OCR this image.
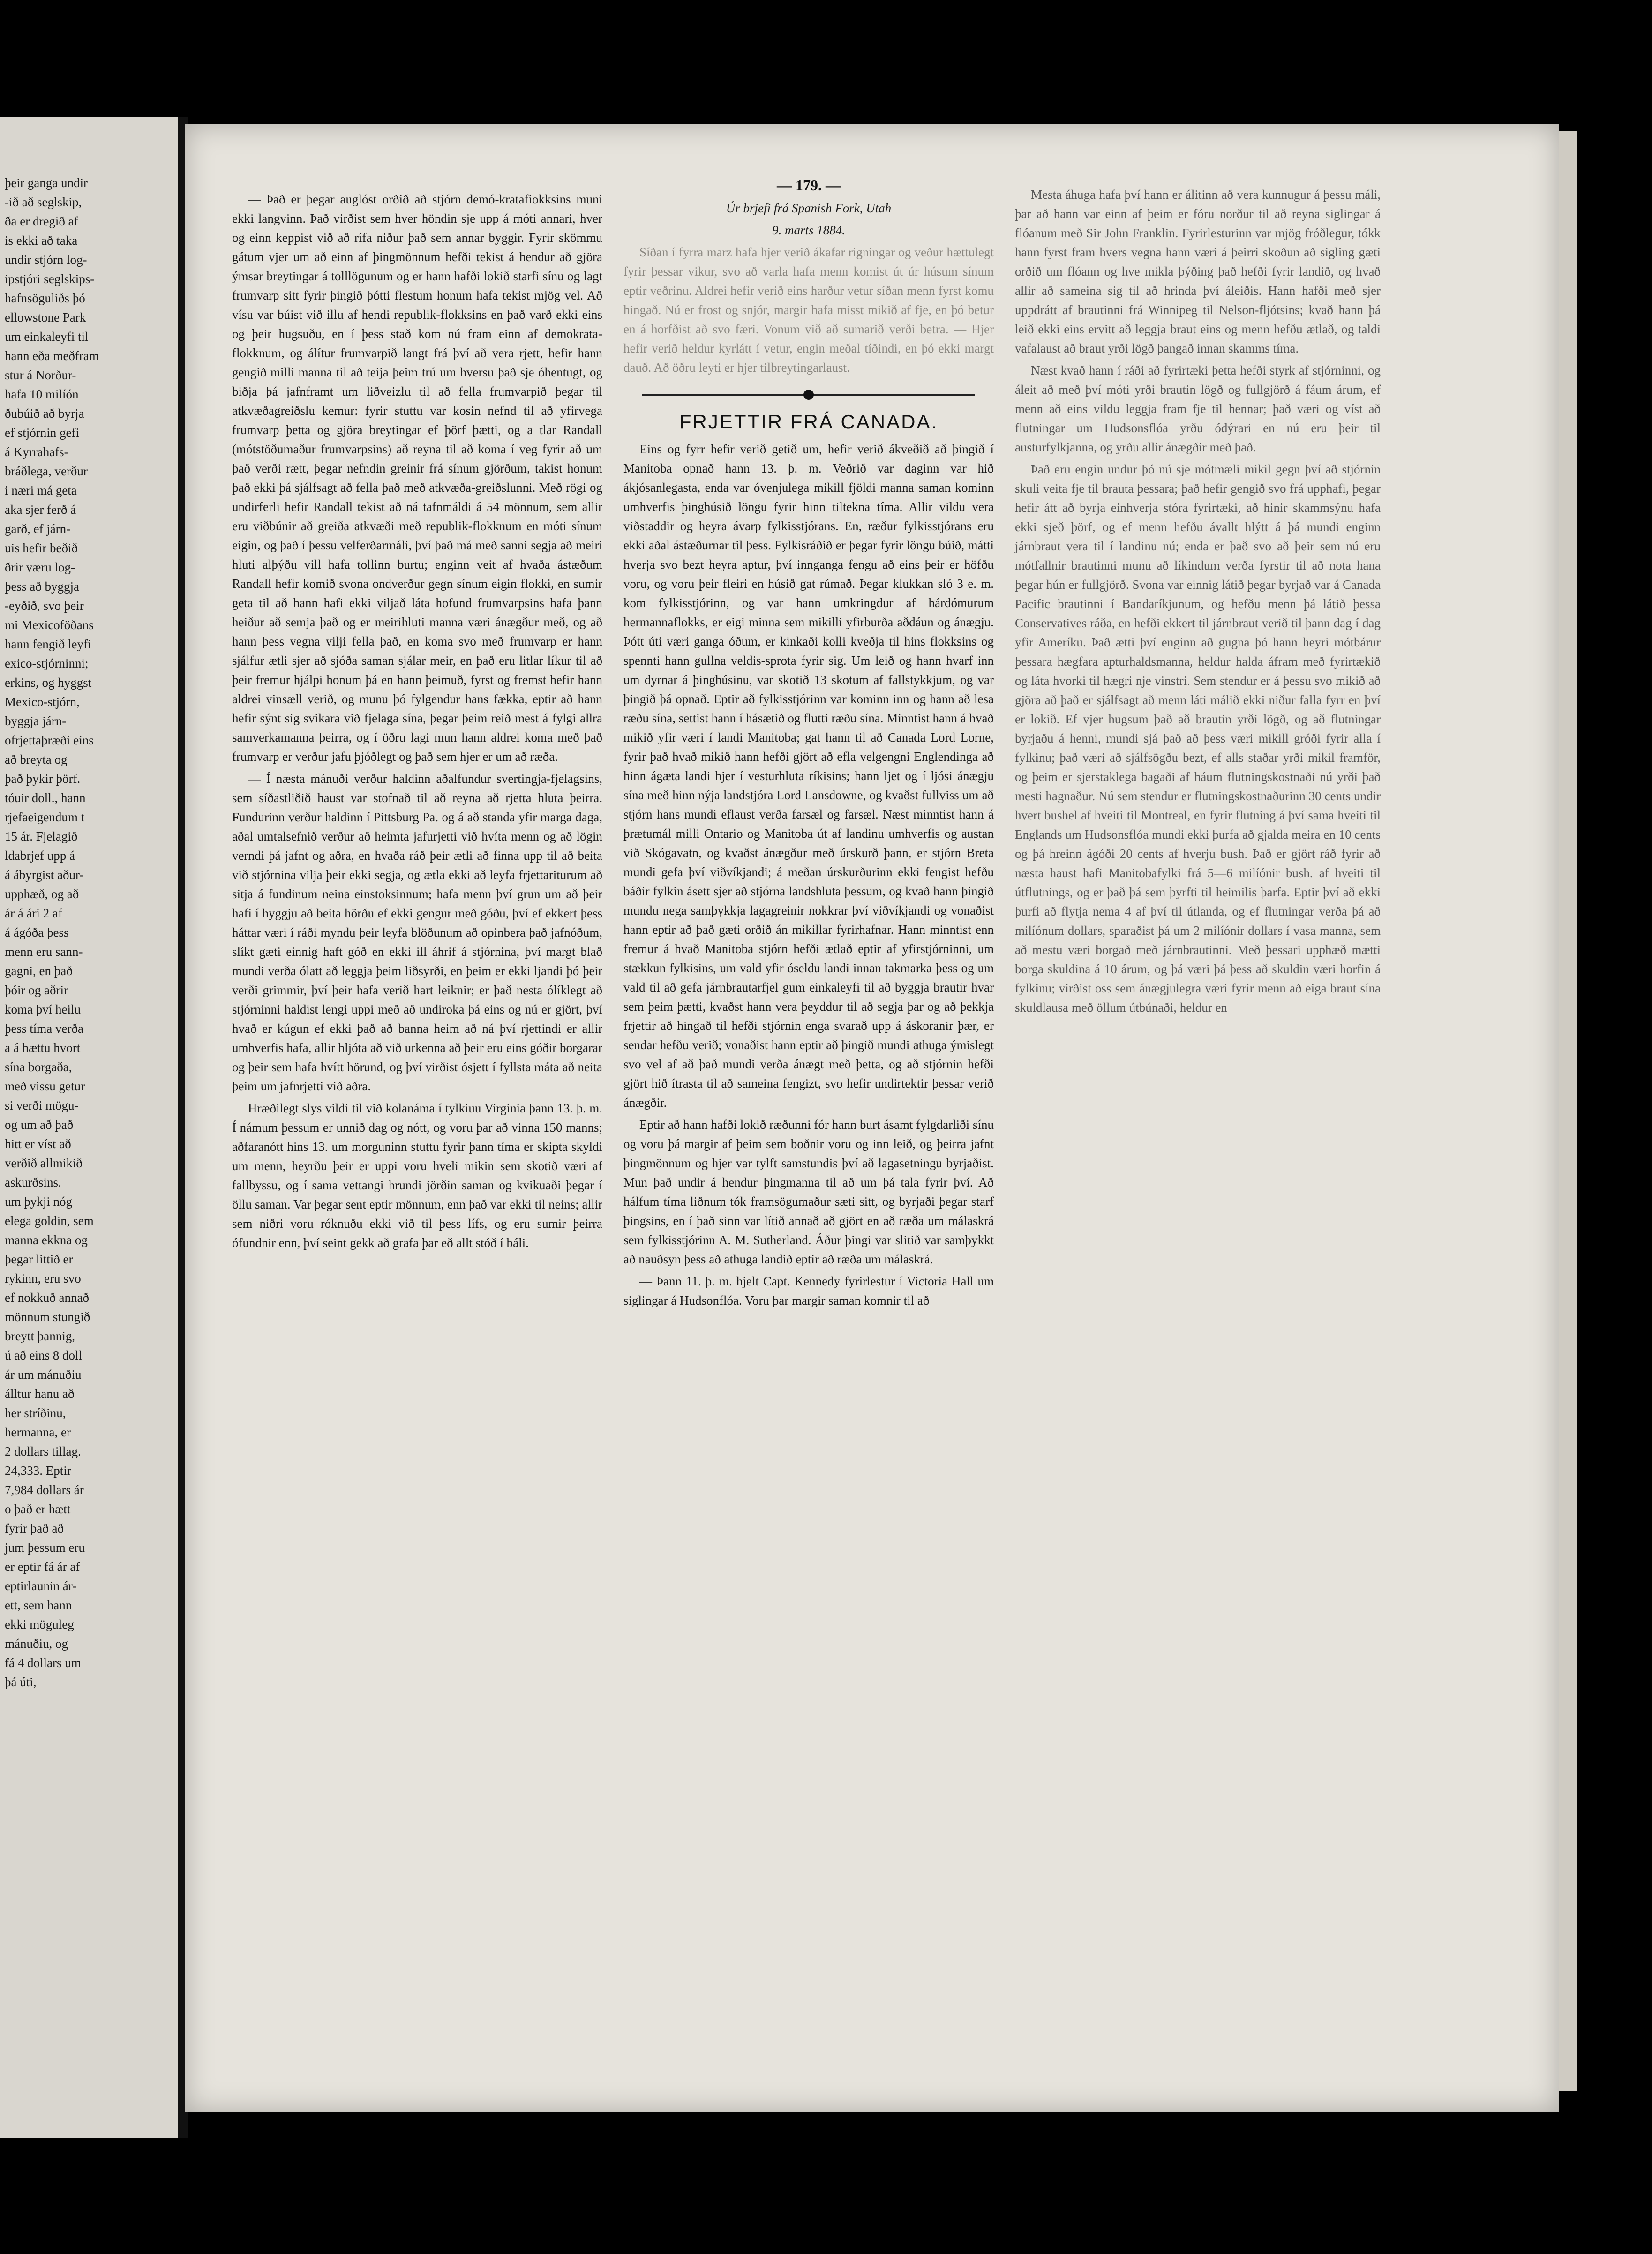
þeir ganga undir
-ið að seglskip,
ða er dregið af
is ekki að taka
undir stjórn log-
ipstjóri seglskips-
hafnsöguliðs þó
ellowstone Park
um einkaleyfi til
hann eða meðfram
stur á Norður-
hafa 10 milíón
ðubúið að byrja
ef stjórnin gefi
á Kyrrahafs-
bráðlega, verður
i næri má geta
aka sjer ferð á
garð, ef járn-
uis hefir beðið
ðrir væru log-
þess að byggja
-eyðið, svo þeir
mi Mexicoföðans
hann fengið leyfi
exico-stjórninni;
erkins, og hyggst
Mexico-stjórn,
byggja járn-
ofrjettaþræði eins
að breyta og
það þykir þörf.
tóuir doll., hann
rjefaeigendum t
15 ár. Fjelagið
ldabrjef upp á
á ábyrgist aður-
upphæð, og að
ár á ári 2 af
á ágóða þess
menn eru sann-
gagni, en það
þóir og aðrir
koma því heilu
þess tíma verða
a á hættu hvort
sína borgaða,
með vissu getur
si verði mögu-
og um að það
hitt er víst að
verðið allmikið
askurðsins.
um þykji nóg
elega goldin, sem
manna ekkna og
þegar littið er
rykinn, eru svo
ef nokkuð annað
mönnum stungið
breytt þannig,
ú að eins 8 doll
ár um mánuðiu
álltur hanu að
her stríðinu,
hermanna, er
2 dollars tillag.
24,333. Eptir
7,984 dollars ár
o það er hætt
fyrir það að
jum þessum eru
er eptir fá ár af
eptirlaunin ár-
ett, sem hann
ekki möguleg
mánuðiu, og
fá 4 dollars um
þá úti,

— Það er þegar auglóst orðið að stjórn demó-kratafiokksins muni ekki langvinn. Það virðist sem hver höndin sje upp á móti annari, hver og einn keppist við að rífa niður það sem annar byggir. Fyrir skömmu gátum vjer um að einn af þingmönnum hefði tekist á hendur að gjöra ýmsar breytingar á tolllögunum og er hann hafði lokið starfi sínu og lagt frumvarp sitt fyrir þingið þótti flestum honum hafa tekist mjög vel. Að vísu var búist við illu af hendi republik-flokksins en það varð ekki eins og þeir hugsuðu, en í þess stað kom nú fram einn af demokrata-flokknum, og álítur frumvarpið langt frá því að vera rjett, hefir hann gengið milli manna til að teija þeim trú um hversu það sje óhentugt, og biðja þá jafnframt um liðveizlu til að fella frumvarpið þegar til atkvæðagreiðslu kemur: fyrir stuttu var kosin nefnd til að yfirvega frumvarp þetta og gjöra breytingar ef þörf þætti, og a tlar Randall (mótstöðumaður frumvarpsins) að reyna til að koma í veg fyrir að um það verði rætt, þegar nefndin greinir frá sínum gjörðum, takist honum það ekki þá sjálfsagt að fella það með atkvæða-greiðslunni. Með rögi og undirferli hefir Randall tekist að ná tafnmáldi á 54 mönnum, sem allir eru viðbúnir að greiða atkvæði með republik-flokknum en móti sínum eigin, og það í þessu velferðarmáli, því það má með sanni segja að meiri hluti alþýðu vill hafa tollinn burtu; enginn veit af hvaða ástæðum Randall hefir komið svona ondverður gegn sínum eigin flokki, en sumir geta til að hann hafi ekki viljað láta hofund frumvarpsins hafa þann heiður að semja það og er meirihluti manna væri ánægður með, og að hann þess vegna vilji fella það, en koma svo með frumvarp er hann sjálfur ætli sjer að sjóða saman sjálar meir, en það eru litlar líkur til að þeir fremur hjálpi honum þá en hann þeimuð, fyrst og fremst hefir hann aldrei vinsæll verið, og munu þó fylgendur hans fækka, eptir að hann hefir sýnt sig svikara við fjelaga sína, þegar þeim reið mest á fylgi allra samverkamanna þeirra, og í öðru lagi mun hann aldrei koma með það frumvarp er verður jafu þjóðlegt og það sem hjer er um að ræða.

— Í næsta mánuði verður haldinn aðalfundur svertingja-fjelagsins, sem síðastliðið haust var stofnað til að reyna að rjetta hluta þeirra. Fundurinn verður haldinn í Pittsburg Pa. og á að standa yfir marga daga, aðal umtalsefnið verður að heimta jafurjetti við hvíta menn og að lögin verndi þá jafnt og aðra, en hvaða ráð þeir ætli að finna upp til að beita við stjórnina vilja þeir ekki segja, og ætla ekki að leyfa frjettariturum að sitja á fundinum neina einstoksinnum; hafa menn því grun um að þeir hafi í hyggju að beita hörðu ef ekki gengur með góðu, því ef ekkert þess háttar væri í ráði myndu þeir leyfa blöðunum að opinbera það jafnóðum, slíkt gæti einnig haft góð en ekki ill áhrif á stjórnina, því margt blað mundi verða ólatt að leggja þeim liðsyrði, en þeim er ekki ljandi þó þeir verði grimmir, því þeir hafa verið hart leiknir; er það nesta ólíklegt að stjórninni haldist lengi uppi með að undiroka þá eins og nú er gjört, því hvað er kúgun ef ekki það að banna heim að ná því rjettindi er allir umhverfis hafa, allir hljóta að við urkenna að þeir eru eins góðir borgarar og þeir sem hafa hvítt hörund, og því virðist ósjett í fyllsta máta að neita þeim um jafnrjetti við aðra.

Hræðilegt slys vildi til við kolanáma í tylkiuu Virginia þann 13. þ. m. Í námum þessum er unnið dag og nótt, og voru þar að vinna 150 manns; aðfaranótt hins 13. um morguninn stuttu fyrir þann tíma er skipta skyldi um menn, heyrðu þeir er uppi voru hveli mikin sem skotið væri af fallbyssu, og í sama vettangi hrundi jörðin saman og kvikuaði þegar í öllu saman. Var þegar sent eptir mönnum, enn það var ekki til neins; allir sem niðri voru róknuðu ekki við til þess lífs, og eru sumir þeirra ófundnir enn, því seint gekk að grafa þar eð allt stóð í báli.

— 179. —
Úr brjefi frá Spanish Fork, Utah
9. marts 1884.

Síðan í fyrra marz hafa hjer verið ákafar rigningar og veður hættulegt fyrir þessar vikur, svo að varla hafa menn komist út úr húsum sínum eptir veðrinu. Aldrei hefir verið eins harður vetur síðan menn fyrst komu hingað. Nú er frost og snjór, margir hafa misst mikið af fje, en þó betur en á horfðist að svo færi. Vonum við að sumarið verði betra. — Hjer hefir verið heldur kyrlátt í vetur, engin meðal tíðindi, en þó ekki margt dauð. Að öðru leyti er hjer tilbreytingarlaust.

FRJETTIR FRÁ CANADA.

Eins og fyrr hefir verið getið um, hefir verið ákveðið að þingið í Manitoba opnað hann 13. þ. m. Veðrið var daginn var hið ákjósanlegasta, enda var óvenjulega mikill fjöldi manna saman kominn umhverfis þinghúsið löngu fyrir hinn tiltekna tíma. Allir vildu vera viðstaddir og heyra ávarp fylkisstjórans. En, ræður fylkisstjórans eru ekki aðal ástæðurnar til þess. Fylkisráðið er þegar fyrir löngu búið, mátti hverja svo bezt heyra aptur, því innganga fengu að eins þeir er höfðu voru, og voru þeir fleiri en húsið gat rúmað. Þegar klukkan sló 3 e. m. kom fylkisstjórinn, og var hann umkringdur af hárdómurum hermannaflokks, er eigi minna sem mikilli yfirburða aðdáun og ánægju. Þótt úti væri ganga óðum, er kinkaði kolli kveðja til hins flokksins og spennti hann gullna veldis-sprota fyrir sig. Um leið og hann hvarf inn um dyrnar á þinghúsinu, var skotið 13 skotum af fallstykkjum, og var þingið þá opnað. Eptir að fylkisstjórinn var kominn inn og hann að lesa ræðu sína, settist hann í hásætið og flutti ræðu sína. Minntist hann á hvað mikið yfir væri í landi Manitoba; gat hann til að Canada Lord Lorne, fyrir það hvað mikið hann hefði gjört að efla velgengni Englendinga að hinn ágæta landi hjer í vesturhluta ríkisins; hann ljet og í ljósi ánægju sína með hinn nýja landstjóra Lord Lansdowne, og kvaðst fullviss um að stjórn hans mundi eflaust verða farsæl og farsæl. Næst minntist hann á þrætumál milli Ontario og Manitoba út af landinu umhverfis og austan við Skógavatn, og kvaðst ánægður með úrskurð þann, er stjórn Breta mundi gefa því viðvíkjandi; á meðan úrskurðurinn ekki fengist hefðu báðir fylkin ásett sjer að stjórna landshluta þessum, og kvað hann þingið mundu nega samþykkja lagagreinir nokkrar því viðvíkjandi og vonaðist hann eptir að það gæti orðið án mikillar fyrirhafnar. Hann minntist enn fremur á hvað Manitoba stjórn hefði ætlað eptir af yfirstjórninni, um stækkun fylkisins, um vald yfir óseldu landi innan takmarka þess og um vald til að gefa járnbrautarfjel gum einkaleyfi til að byggja brautir hvar sem þeim þætti, kvaðst hann vera þeyddur til að segja þar og að þekkja frjettir að hingað til hefði stjórnin enga svarað upp á áskoranir þær, er sendar hefðu verið; vonaðist hann eptir að þingið mundi athuga ýmislegt svo vel af að það mundi verða ánægt með þetta, og að stjórnin hefði gjört hið ítrasta til að sameina fengizt, svo hefir undirtektir þessar verið ánægðir.

Eptir að hann hafði lokið ræðunni fór hann burt ásamt fylgdarliði sínu og voru þá margir af þeim sem boðnir voru og inn leið, og þeirra jafnt þingmönnum og hjer var tylft samstundis því að lagasetningu byrjaðist. Mun það undir á hendur þingmanna til að um þá tala fyrir því. Að hálfum tíma liðnum tók framsögumaður sæti sitt, og byrjaði þegar starf þingsins, en í það sinn var lítið annað að gjört en að ræða um málaskrá sem fylkisstjórinn A. M. Sutherland. Áður þingi var slitið var samþykkt að nauðsyn þess að athuga landið eptir að ræða um málaskrá.

— Þann 11. þ. m. hjelt Capt. Kennedy fyrirlestur í Victoria Hall um siglingar á Hudsonflóa. Voru þar margir saman komnir til að

Mesta áhuga hafa því hann er álitinn að vera kunnugur á þessu máli, þar að hann var einn af þeim er fóru norður til að reyna siglingar á flóanum með Sir John Franklin. Fyrirlesturinn var mjög fróðlegur, tókk hann fyrst fram hvers vegna hann væri á þeirri skoðun að sigling gæti orðið um flóann og hve mikla þýðing það hefði fyrir landið, og hvað allir að sameina sig til að hrinda því áleiðis. Hann hafði með sjer uppdrátt af brautinni frá Winnipeg til Nelson-fljótsins; kvað hann þá leið ekki eins ervitt að leggja braut eins og menn hefðu ætlað, og taldi vafalaust að braut yrði lögð þangað innan skamms tíma.

Næst kvað hann í ráði að fyrirtæki þetta hefði styrk af stjórninni, og áleit að með því móti yrði brautin lögð og fullgjörð á fáum árum, ef menn að eins vildu leggja fram fje til hennar; það væri og víst að flutningar um Hudsonsflóa yrðu ódýrari en nú eru þeir til austurfylkjanna, og yrðu allir ánægðir með það.

Það eru engin undur þó nú sje mótmæli mikil gegn því að stjórnin skuli veita fje til brauta þessara; það hefir gengið svo frá upphafi, þegar hefir átt að byrja einhverja stóra fyrirtæki, að hinir skammsýnu hafa ekki sjeð þörf, og ef menn hefðu ávallt hlýtt á þá mundi enginn járnbraut vera til í landinu nú; enda er það svo að þeir sem nú eru mótfallnir brautinni munu að líkindum verða fyrstir til að nota hana þegar hún er fullgjörð. Svona var einnig látið þegar byrjað var á Canada Pacific brautinni í Bandaríkjunum, og hefðu menn þá látið þessa Conservatives ráða, en hefði ekkert til járnbraut verið til þann dag í dag yfir Ameríku. Það ætti því enginn að gugna þó hann heyri mótbárur þessara hægfara apturhaldsmanna, heldur halda áfram með fyrirtækið og láta hvorki til hægri nje vinstri. Sem stendur er á þessu svo mikið að gjöra að það er sjálfsagt að menn láti málið ekki niður falla fyrr en því er lokið. Ef vjer hugsum það að brautin yrði lögð, og að flutningar byrjaðu á henni, mundi sjá það að þess væri mikill gróði fyrir alla í fylkinu; það væri að sjálfsögðu bezt, ef alls staðar yrði mikil framför, og þeim er sjerstaklega bagaði af háum flutningskostnaði nú yrði það mesti hagnaður. Nú sem stendur er flutningskostnaðurinn 30 cents undir hvert bushel af hveiti til Montreal, en fyrir flutning á því sama hveiti til Englands um Hudsonsflóa mundi ekki þurfa að gjalda meira en 10 cents og þá hreinn ágóði 20 cents af hverju bush. Það er gjört ráð fyrir að næsta haust hafi Manitobafylki frá 5—6 milíónir bush. af hveiti til útflutnings, og er það þá sem þyrfti til heimilis þarfa. Eptir því að ekki þurfi að flytja nema 4 af því til útlanda, og ef flutningar verða þá að milíónum dollars, sparaðist þá um 2 milíónir dollars í vasa manna, sem að mestu væri borgað með járnbrautinni. Með þessari upphæð mætti borga skuldina á 10 árum, og þá væri þá þess að skuldin væri horfin á fylkinu; virðist oss sem ánægjulegra væri fyrir menn að eiga braut sína skuldlausa með öllum útbúnaði, heldur en
